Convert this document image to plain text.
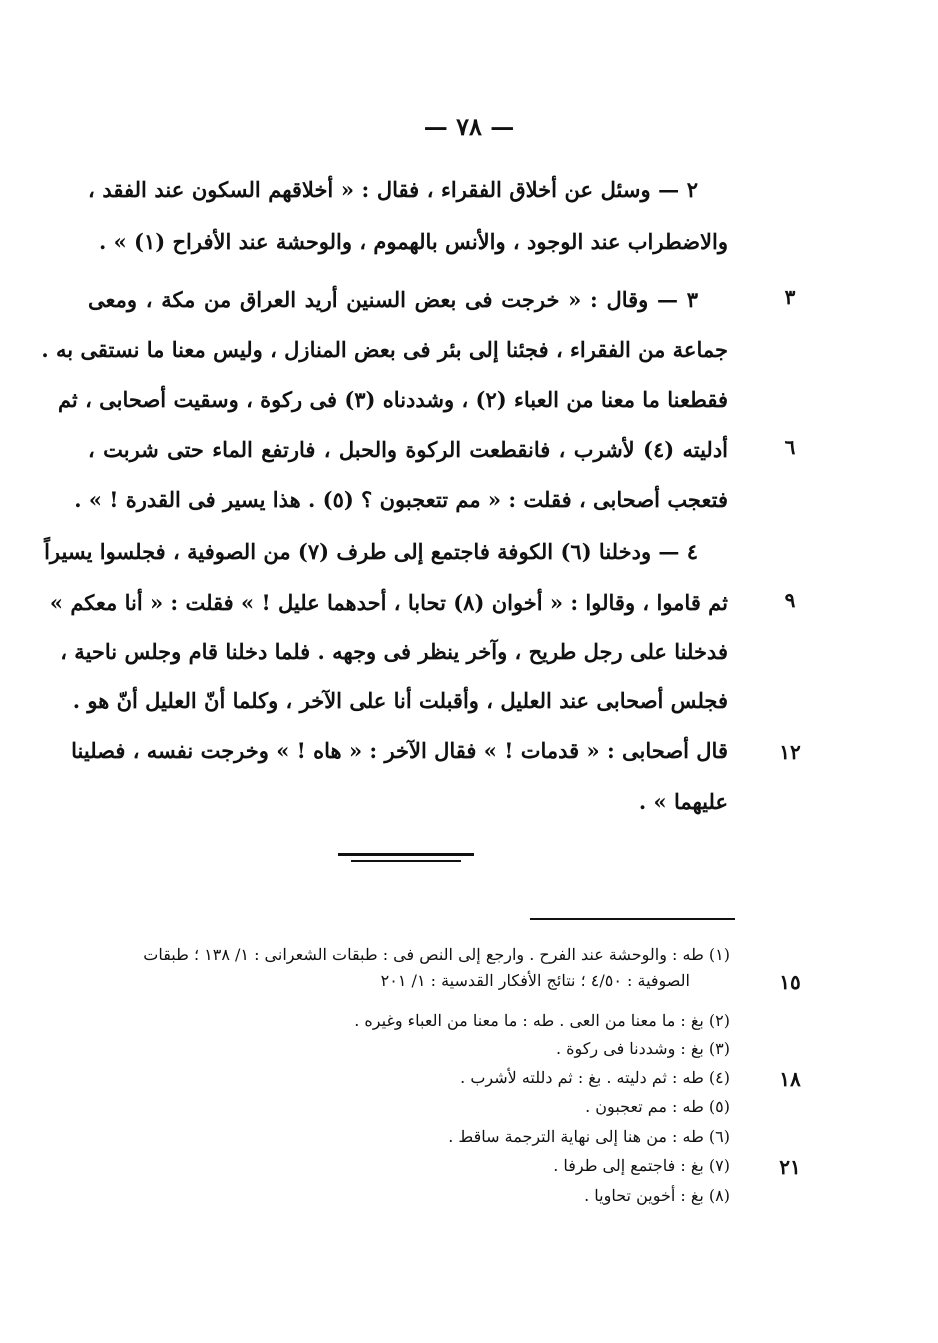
— ٧٨ —
٢ — وسئل عن أخلاق الفقراء ، فقال : « أخلاقهم السكون عند الفقد ،
والاضطراب عند الوجود ، والأنس بالهموم ، والوحشة عند الأفراح (١) » .
٣ — وقال : « خرجت فى بعض السنين أريد العراق من مكة ، ومعى
جماعة من الفقراء ، فجئنا إلى بئر فى بعض المنازل ، وليس معنا ما نستقى به .
فقطعنا ما معنا من العباء (٢) ، وشددناه (٣) فى ركوة ، وسقيت أصحابى ، ثم
أدليته (٤) لأشرب ، فانقطعت الركوة والحبل ، فارتفع الماء حتى شربت ،
فتعجب أصحابى ، فقلت : « مم تتعجبون ؟ (٥) . هذا يسير فى القدرة ! » .
٤ — ودخلنا (٦) الكوفة فاجتمع إلى طرف (٧) من الصوفية ، فجلسوا يسيراً
ثم قاموا ، وقالوا : « أخوان (٨) تحابا ، أحدهما عليل ! » فقلت : « أنا معكم »
فدخلنا على رجل طريح ، وآخر ينظر فى وجهه . فلما دخلنا قام وجلس ناحية ،
فجلس أصحابى عند العليل ، وأقبلت أنا على الآخر ، وكلما أنّ العليل أنّ هو .
قال أصحابى : « قدمات ! » فقال الآخر : « هاه ! » وخرجت نفسه ، فصلينا
عليهما » .
٣
٦
٩
١٢
١٥
١٨
٢١
(١) طه : والوحشة عند الفرح . وارجع إلى النص فى : طبقات الشعرانى : ١/ ١٣٨ ؛ طبقات
الصوفية : ٤/٥٠ ؛ نتائج الأفكار القدسية : ١/ ٢٠١
(٢) بغ : ما معنا من العى . طه : ما معنا من العباء وغيره .
(٣) بغ : وشددنا فى ركوة .
(٤) طه : ثم دليته . بغ : ثم دللته لأشرب .
(٥) طه : مم تعجبون .
(٦) طه : من هنا إلى نهاية الترجمة ساقط .
(٧) بغ : فاجتمع إلى طرفا .
(٨) بغ : أخوين تحاويا .
